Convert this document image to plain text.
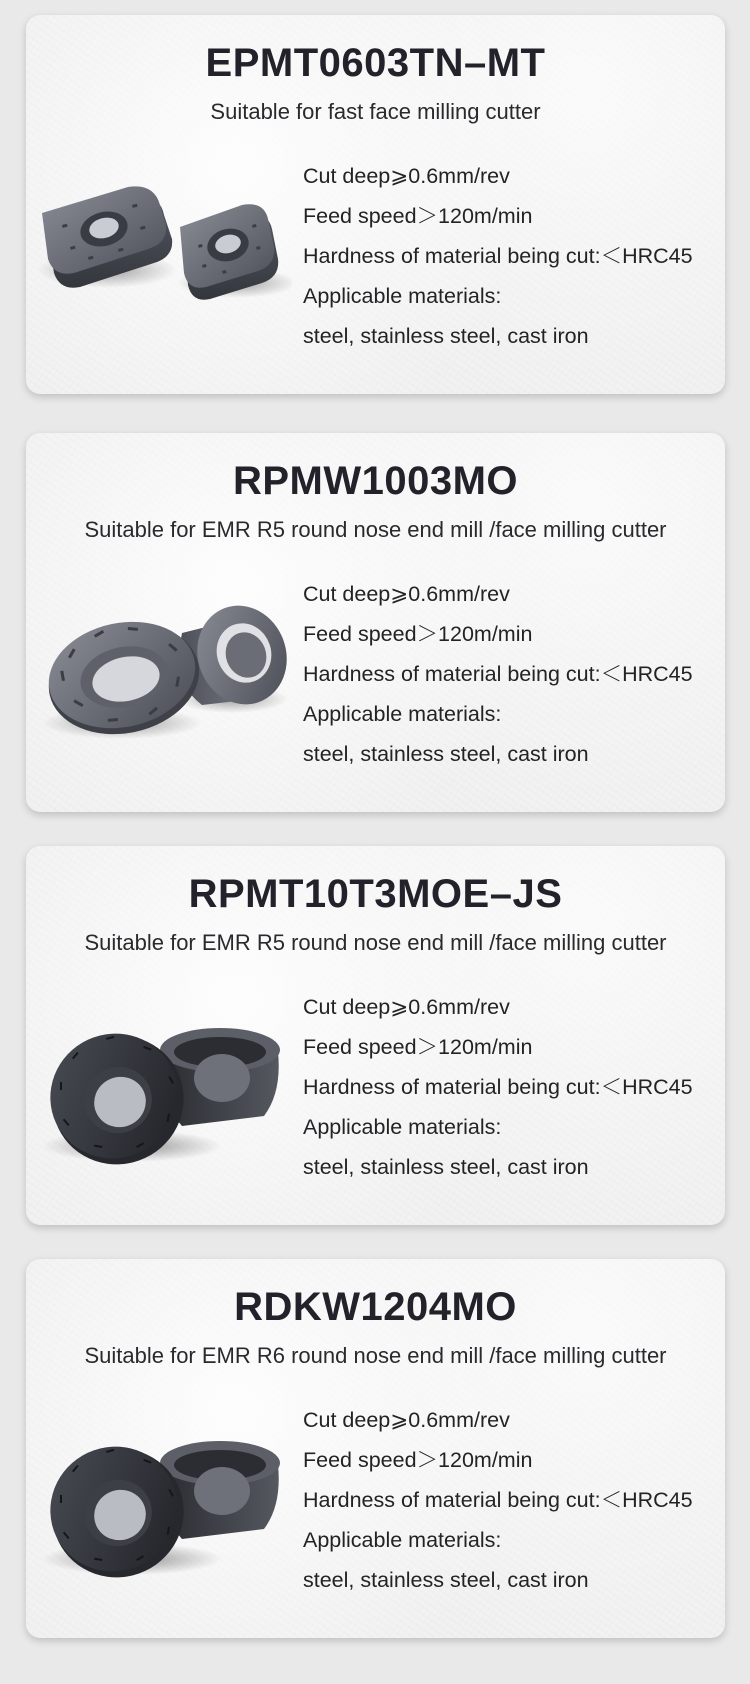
EPMT0603TN–MT
Suitable for fast face milling cutter
Cut deep⩾0.6mm/rev
Feed speed＞120m/min
Hardness of material being cut:＜HRC45
Applicable materials:
steel, stainless steel, cast iron
RPMW1003MO
Suitable for EMR R5 round nose end mill /face milling cutter
Cut deep⩾0.6mm/rev
Feed speed＞120m/min
Hardness of material being cut:＜HRC45
Applicable materials:
steel, stainless steel, cast iron
RPMT10T3MOE–JS
Suitable for EMR R5 round nose end mill /face milling cutter
Cut deep⩾0.6mm/rev
Feed speed＞120m/min
Hardness of material being cut:＜HRC45
Applicable materials:
steel, stainless steel, cast iron
RDKW1204MO
Suitable for EMR R6 round nose end mill /face milling cutter
Cut deep⩾0.6mm/rev
Feed speed＞120m/min
Hardness of material being cut:＜HRC45
Applicable materials:
steel, stainless steel, cast iron
